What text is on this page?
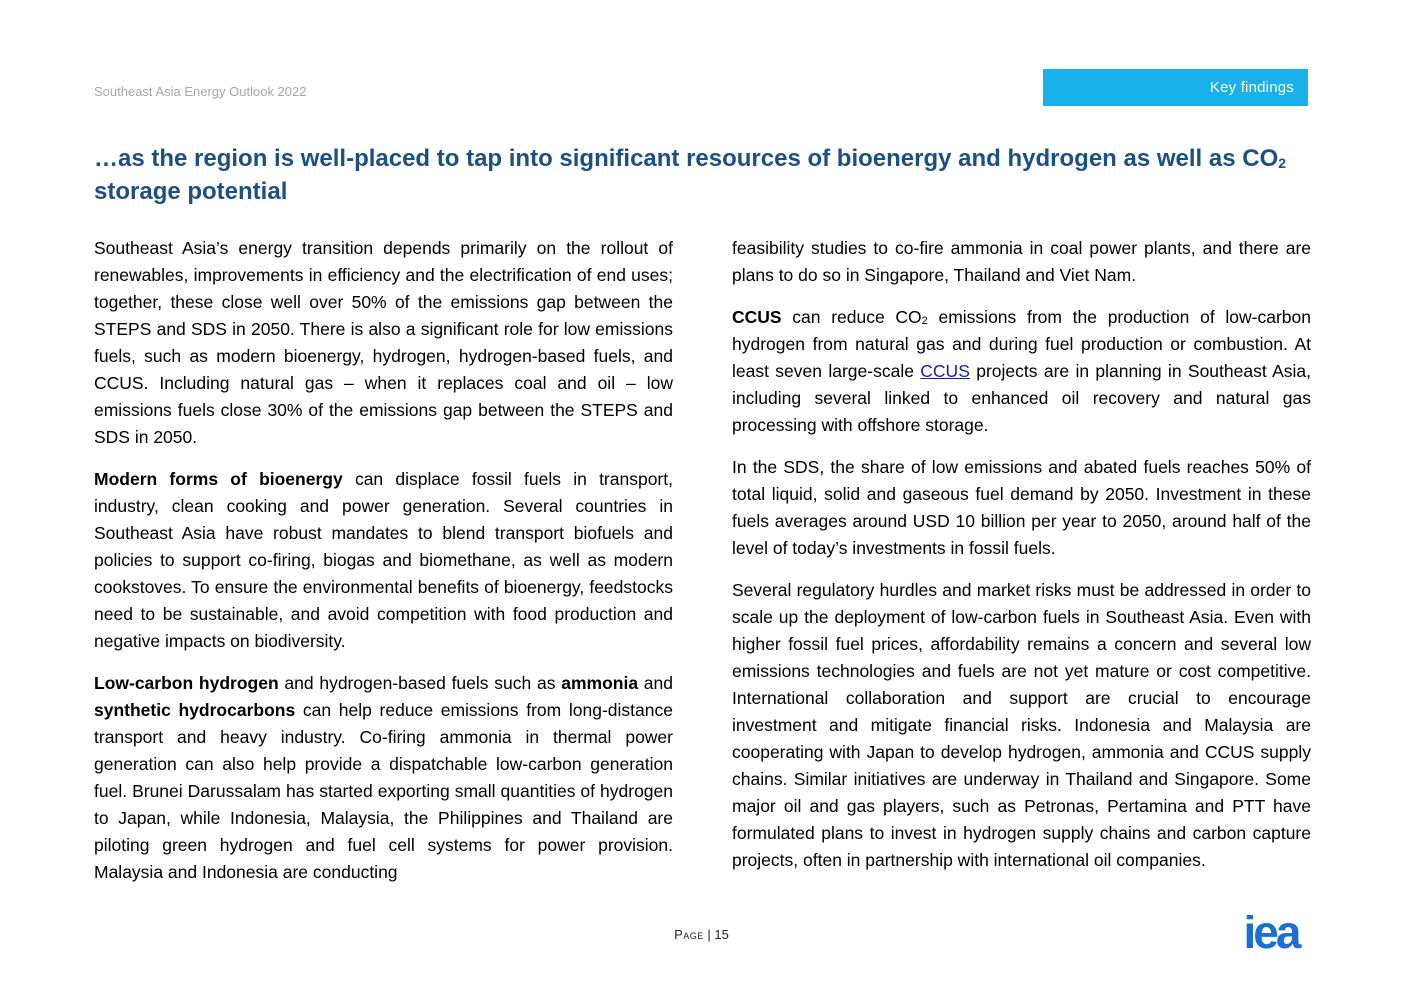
Southeast Asia Energy Outlook 2022	Key findings
…as the region is well-placed to tap into significant resources of bioenergy and hydrogen as well as $CO_2$ storage potential

Southeast Asia’s energy transition depends primarily on the rollout of renewables, improvements in efficiency and the electrification of end uses; together, these close well over 50% of the emissions gap between the STEPS and SDS in 2050. There is also a significant role for low emissions fuels, such as modern bioenergy, hydrogen, hydrogen-based fuels, and CCUS. Including natural gas – when it replaces coal and oil – low emissions fuels close 30% of the emissions gap between the STEPS and SDS in 2050.

Modern forms of bioenergy can displace fossil fuels in transport, industry, clean cooking and power generation. Several countries in Southeast Asia have robust mandates to blend transport biofuels and policies to support co-firing, biogas and biomethane, as well as modern cookstoves. To ensure the environmental benefits of bioenergy, feedstocks need to be sustainable, and avoid competition with food production and negative impacts on biodiversity.

Low-carbon hydrogen and hydrogen-based fuels such as ammonia and synthetic hydrocarbons can help reduce emissions from long-distance transport and heavy industry. Co-firing ammonia in thermal power generation can also help provide a dispatchable low-carbon generation fuel. Brunei Darussalam has started exporting small quantities of hydrogen to Japan, while Indonesia, Malaysia, the Philippines and Thailand are piloting green hydrogen and fuel cell systems for power provision. Malaysia and Indonesia are conducting

feasibility studies to co-fire ammonia in coal power plants, and there are plans to do so in Singapore, Thailand and Viet Nam.

CCUS can reduce $CO_2$ emissions from the production of low-carbon hydrogen from natural gas and during fuel production or combustion. At least seven large-scale CCUS projects are in planning in Southeast Asia, including several linked to enhanced oil recovery and natural gas processing with offshore storage.

In the SDS, the share of low emissions and abated fuels reaches 50% of total liquid, solid and gaseous fuel demand by 2050. Investment in these fuels averages around USD 10 billion per year to 2050, around half of the level of today’s investments in fossil fuels.

Several regulatory hurdles and market risks must be addressed in order to scale up the deployment of low-carbon fuels in Southeast Asia. Even with higher fossil fuel prices, affordability remains a concern and several low emissions technologies and fuels are not yet mature or cost competitive. International collaboration and support are crucial to encourage investment and mitigate financial risks. Indonesia and Malaysia are cooperating with Japan to develop hydrogen, ammonia and CCUS supply chains. Similar initiatives are underway in Thailand and Singapore. Some major oil and gas players, such as Petronas, Pertamina and PTT have formulated plans to invest in hydrogen supply chains and carbon capture projects, often in partnership with international oil companies.

Page | 15	iea
